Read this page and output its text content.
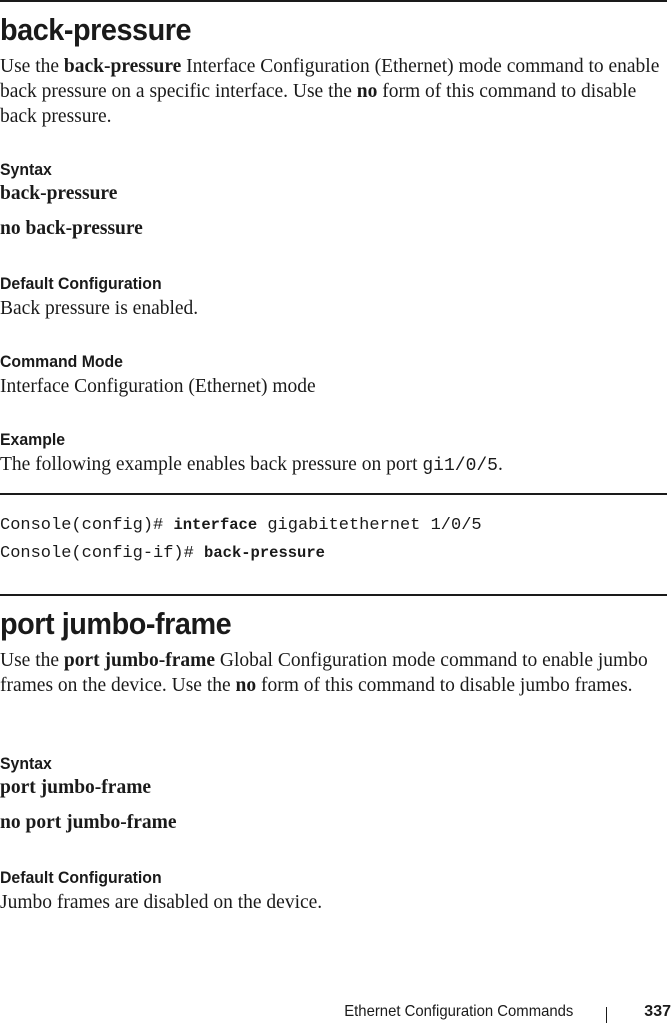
back-pressure

Use the back-pressure Interface Configuration (Ethernet) mode command to enable back pressure on a specific interface. Use the no form of this command to disable back pressure.

Syntax
back-pressure
no back-pressure
Default Configuration

Back pressure is enabled.

Command Mode

Interface Configuration (Ethernet) mode

Example

The following example enables back pressure on port gi1/0/5.

Console(config)# interface gigabitethernet 1/0/5
Console(config-if)# back-pressure
port jumbo-frame

Use the port jumbo-frame Global Configuration mode command to enable jumbo frames on the device. Use the no form of this command to disable jumbo frames.

Syntax
port jumbo-frame
no port jumbo-frame
Default Configuration

Jumbo frames are disabled on the device.

Ethernet Configuration Commands	337
